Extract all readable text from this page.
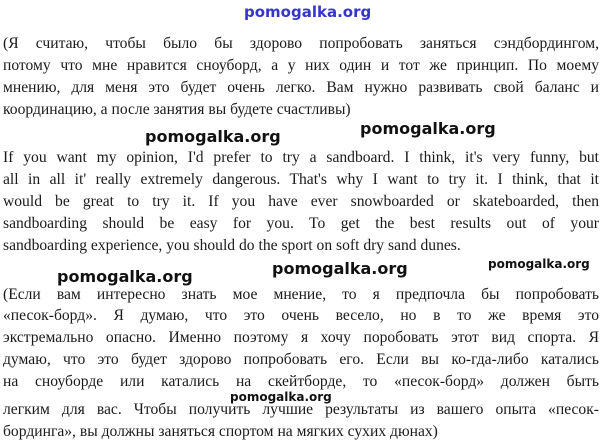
pomogalka.org
(Я считаю, чтобы было бы здорово попробовать заняться сэндбордингом,
потому что мне нравится сноуборд, а у них один и тот же принцип. По моему
мнению, для меня это будет очень легко. Вам нужно развивать свой баланс и
координацию, а после занятия вы будете счастливы)
pomogalka.org	pomogalka.org
If you want my opinion, I'd prefer to try a sandboard. I think, it's very funny, but
all in all it' really extremely dangerous. That's why I want to try it. I think, that it
would be great to try it. If you have ever snowboarded or skateboarded, then
sandboarding should be easy for you. To get the best results out of your
sandboarding experience, you should do the sport on soft dry sand dunes.
pomogalka.org	pomogalka.org	pomogalka.org
(Если вам интересно знать мое мнение, то я предпочла бы попробовать
«песок-борд». Я думаю, что это очень весело, но в то же время это
экстремально опасно. Именно поэтому я хочу поробовать этот вид спорта. Я
думаю, что это будет здорово попробовать его. Если вы ко-гда-либо катались
на сноуборде или катались на скейтборде, то «песок-борд» должен быть
легким для вас. Чтобы получить лучшие результаты из вашего опыта «песок-
бординга», вы должны заняться спортом на мягких сухих дюнах)
pomogalka.org
